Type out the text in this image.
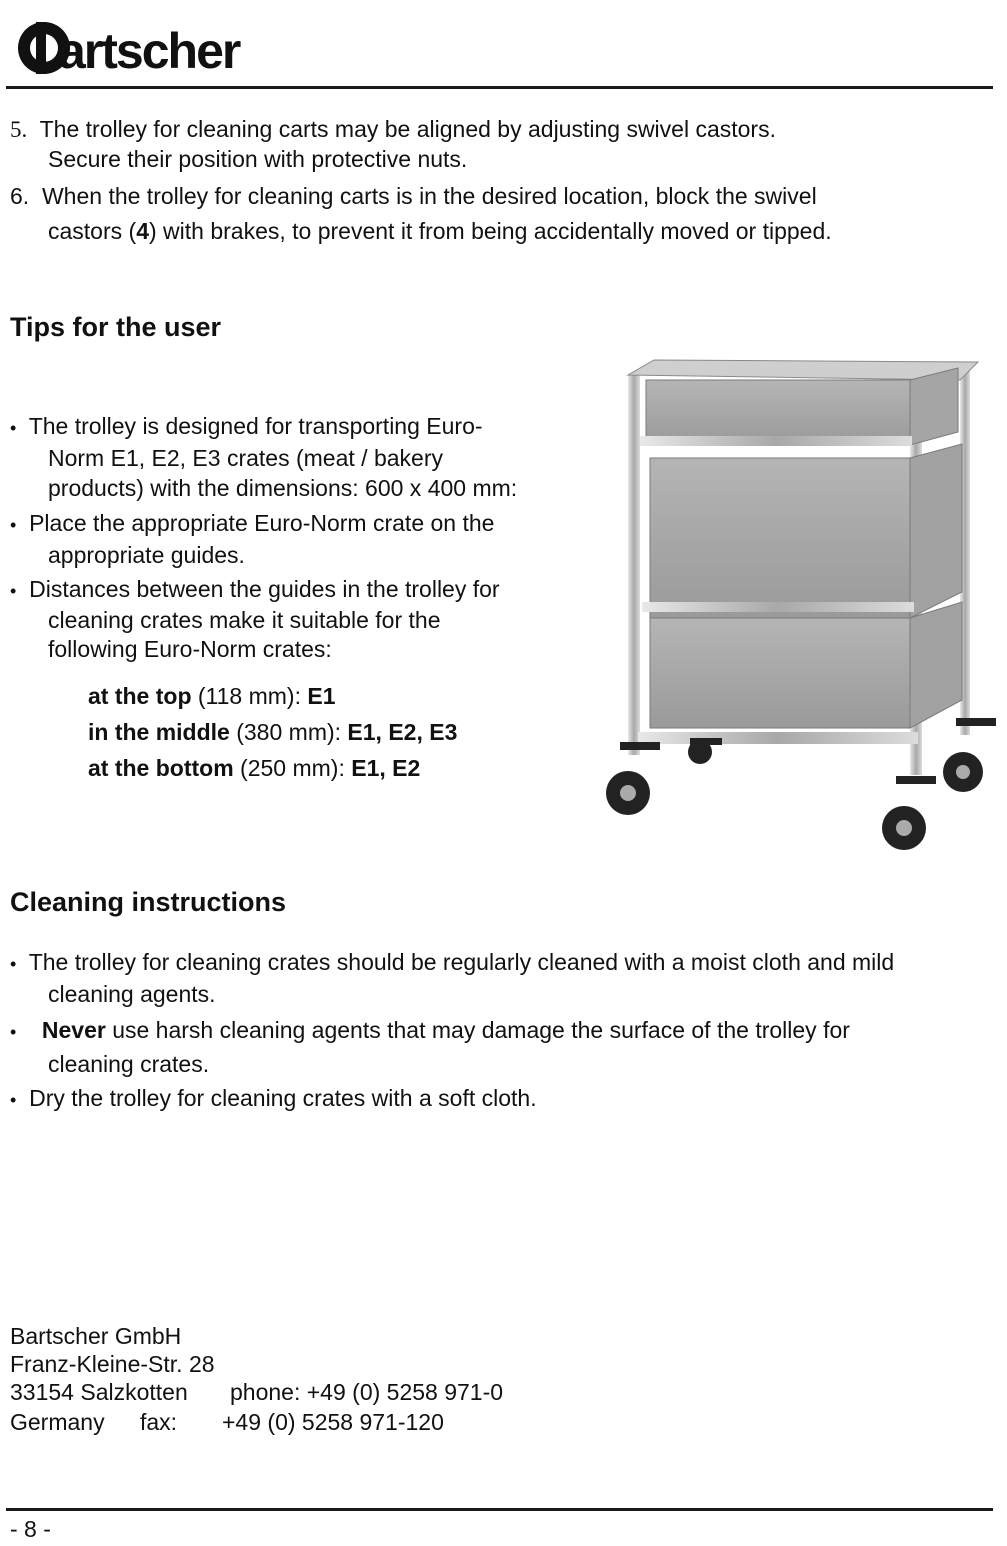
artscher
5. The trolley for cleaning carts may be aligned by adjusting swivel castors.
Secure their position with protective nuts.
6. When the trolley for cleaning carts is in the desired location, block the swivel
castors (4) with brakes, to prevent it from being accidentally moved or tipped.
Tips for the user
• The trolley is designed for transporting Euro-
Norm E1, E2, E3 crates (meat / bakery
products) with the dimensions: 600 x 400 mm:
• Place the appropriate Euro-Norm crate on the
appropriate guides.
• Distances between the guides in the trolley for
cleaning crates make it suitable for the
following Euro-Norm crates:
at the top (118 mm): E1
in the middle (380 mm): E1, E2, E3
at the bottom (250 mm): E1, E2
Cleaning instructions
• The trolley for cleaning crates should be regularly cleaned with a moist cloth and mild
cleaning agents.
• Never use harsh cleaning agents that may damage the surface of the trolley for
cleaning crates.
• Dry the trolley for cleaning crates with a soft cloth.
Bartscher GmbH
Franz-Kleine-Str. 28
33154 Salzkotten phone: +49 (0) 5258 971-0
Germany fax: +49 (0) 5258 971-120
- 8 -
